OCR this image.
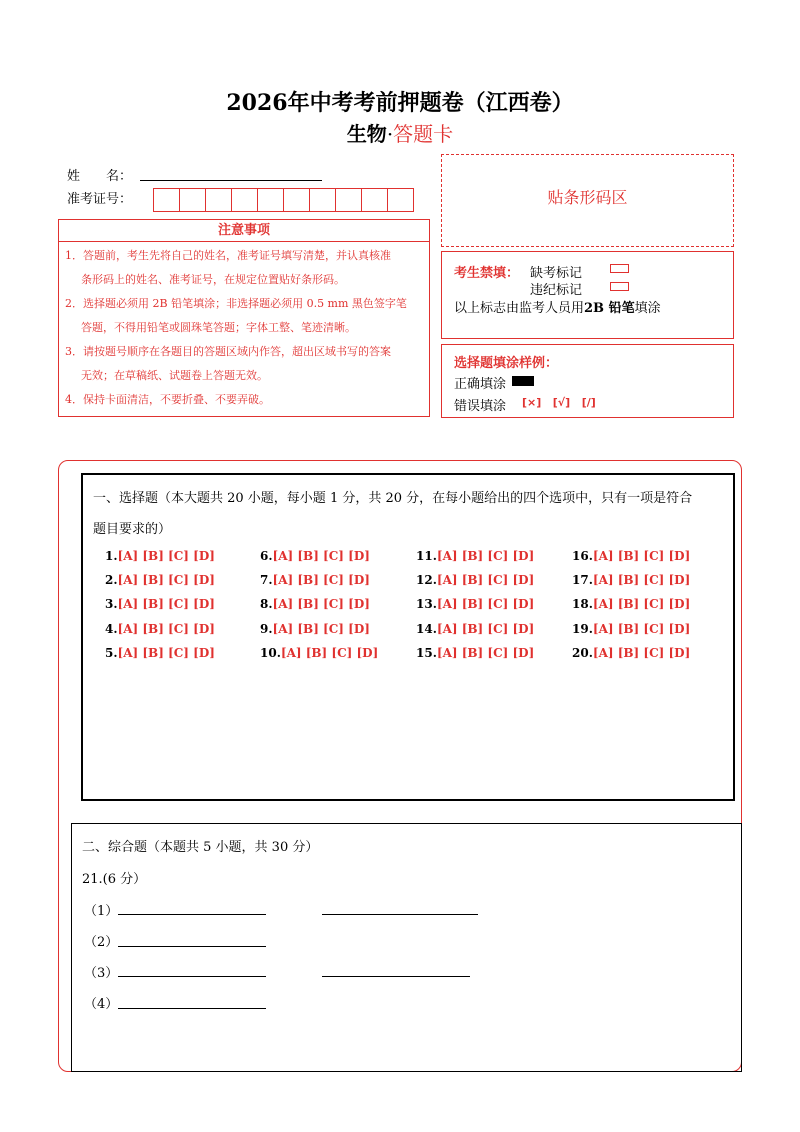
2026年中考考前押题卷（江西卷）
生物·答题卡
姓　　名：
准考证号：	贴条形码区
注意事项
1．答题前，考生先将自己的姓名，准考证号填写清楚，并认真核准
条形码上的姓名、准考证号，在规定位置贴好条形码。
2．选择题必须用 2B 铅笔填涂；非选择题必须用 0.5 mm 黑色签字笔
答题，不得用铅笔或圆珠笔答题；字体工整、笔迹清晰。
3．请按题号顺序在各题目的答题区域内作答，超出区域书写的答案
无效；在草稿纸、试题卷上答题无效。
4．保持卡面清洁，不要折叠、不要弄破。
考生禁填： 缺考标记
违纪标记
以上标志由监考人员用2B 铅笔填涂
选择题填涂样例：
正确填涂
错误填涂 [×] [√] [/]
一、选择题（本大题共 20 小题，每小题 1 分，共 20 分，在每小题给出的四个选项中，只有一项是符合
题目要求的）
1.[A] [B] [C] [D]
2.[A] [B] [C] [D]
3.[A] [B] [C] [D]
4.[A] [B] [C] [D]
5.[A] [B] [C] [D]
6.[A] [B] [C] [D]
7.[A] [B] [C] [D]
8.[A] [B] [C] [D]
9.[A] [B] [C] [D]
10.[A] [B] [C] [D]
11.[A] [B] [C] [D]
12.[A] [B] [C] [D]
13.[A] [B] [C] [D]
14.[A] [B] [C] [D]
15.[A] [B] [C] [D]
16.[A] [B] [C] [D]
17.[A] [B] [C] [D]
18.[A] [B] [C] [D]
19.[A] [B] [C] [D]
20.[A] [B] [C] [D]
二、综合题（本题共 5 小题，共 30 分）
21.(6 分）
（1）
（2）
（3）
（4）
